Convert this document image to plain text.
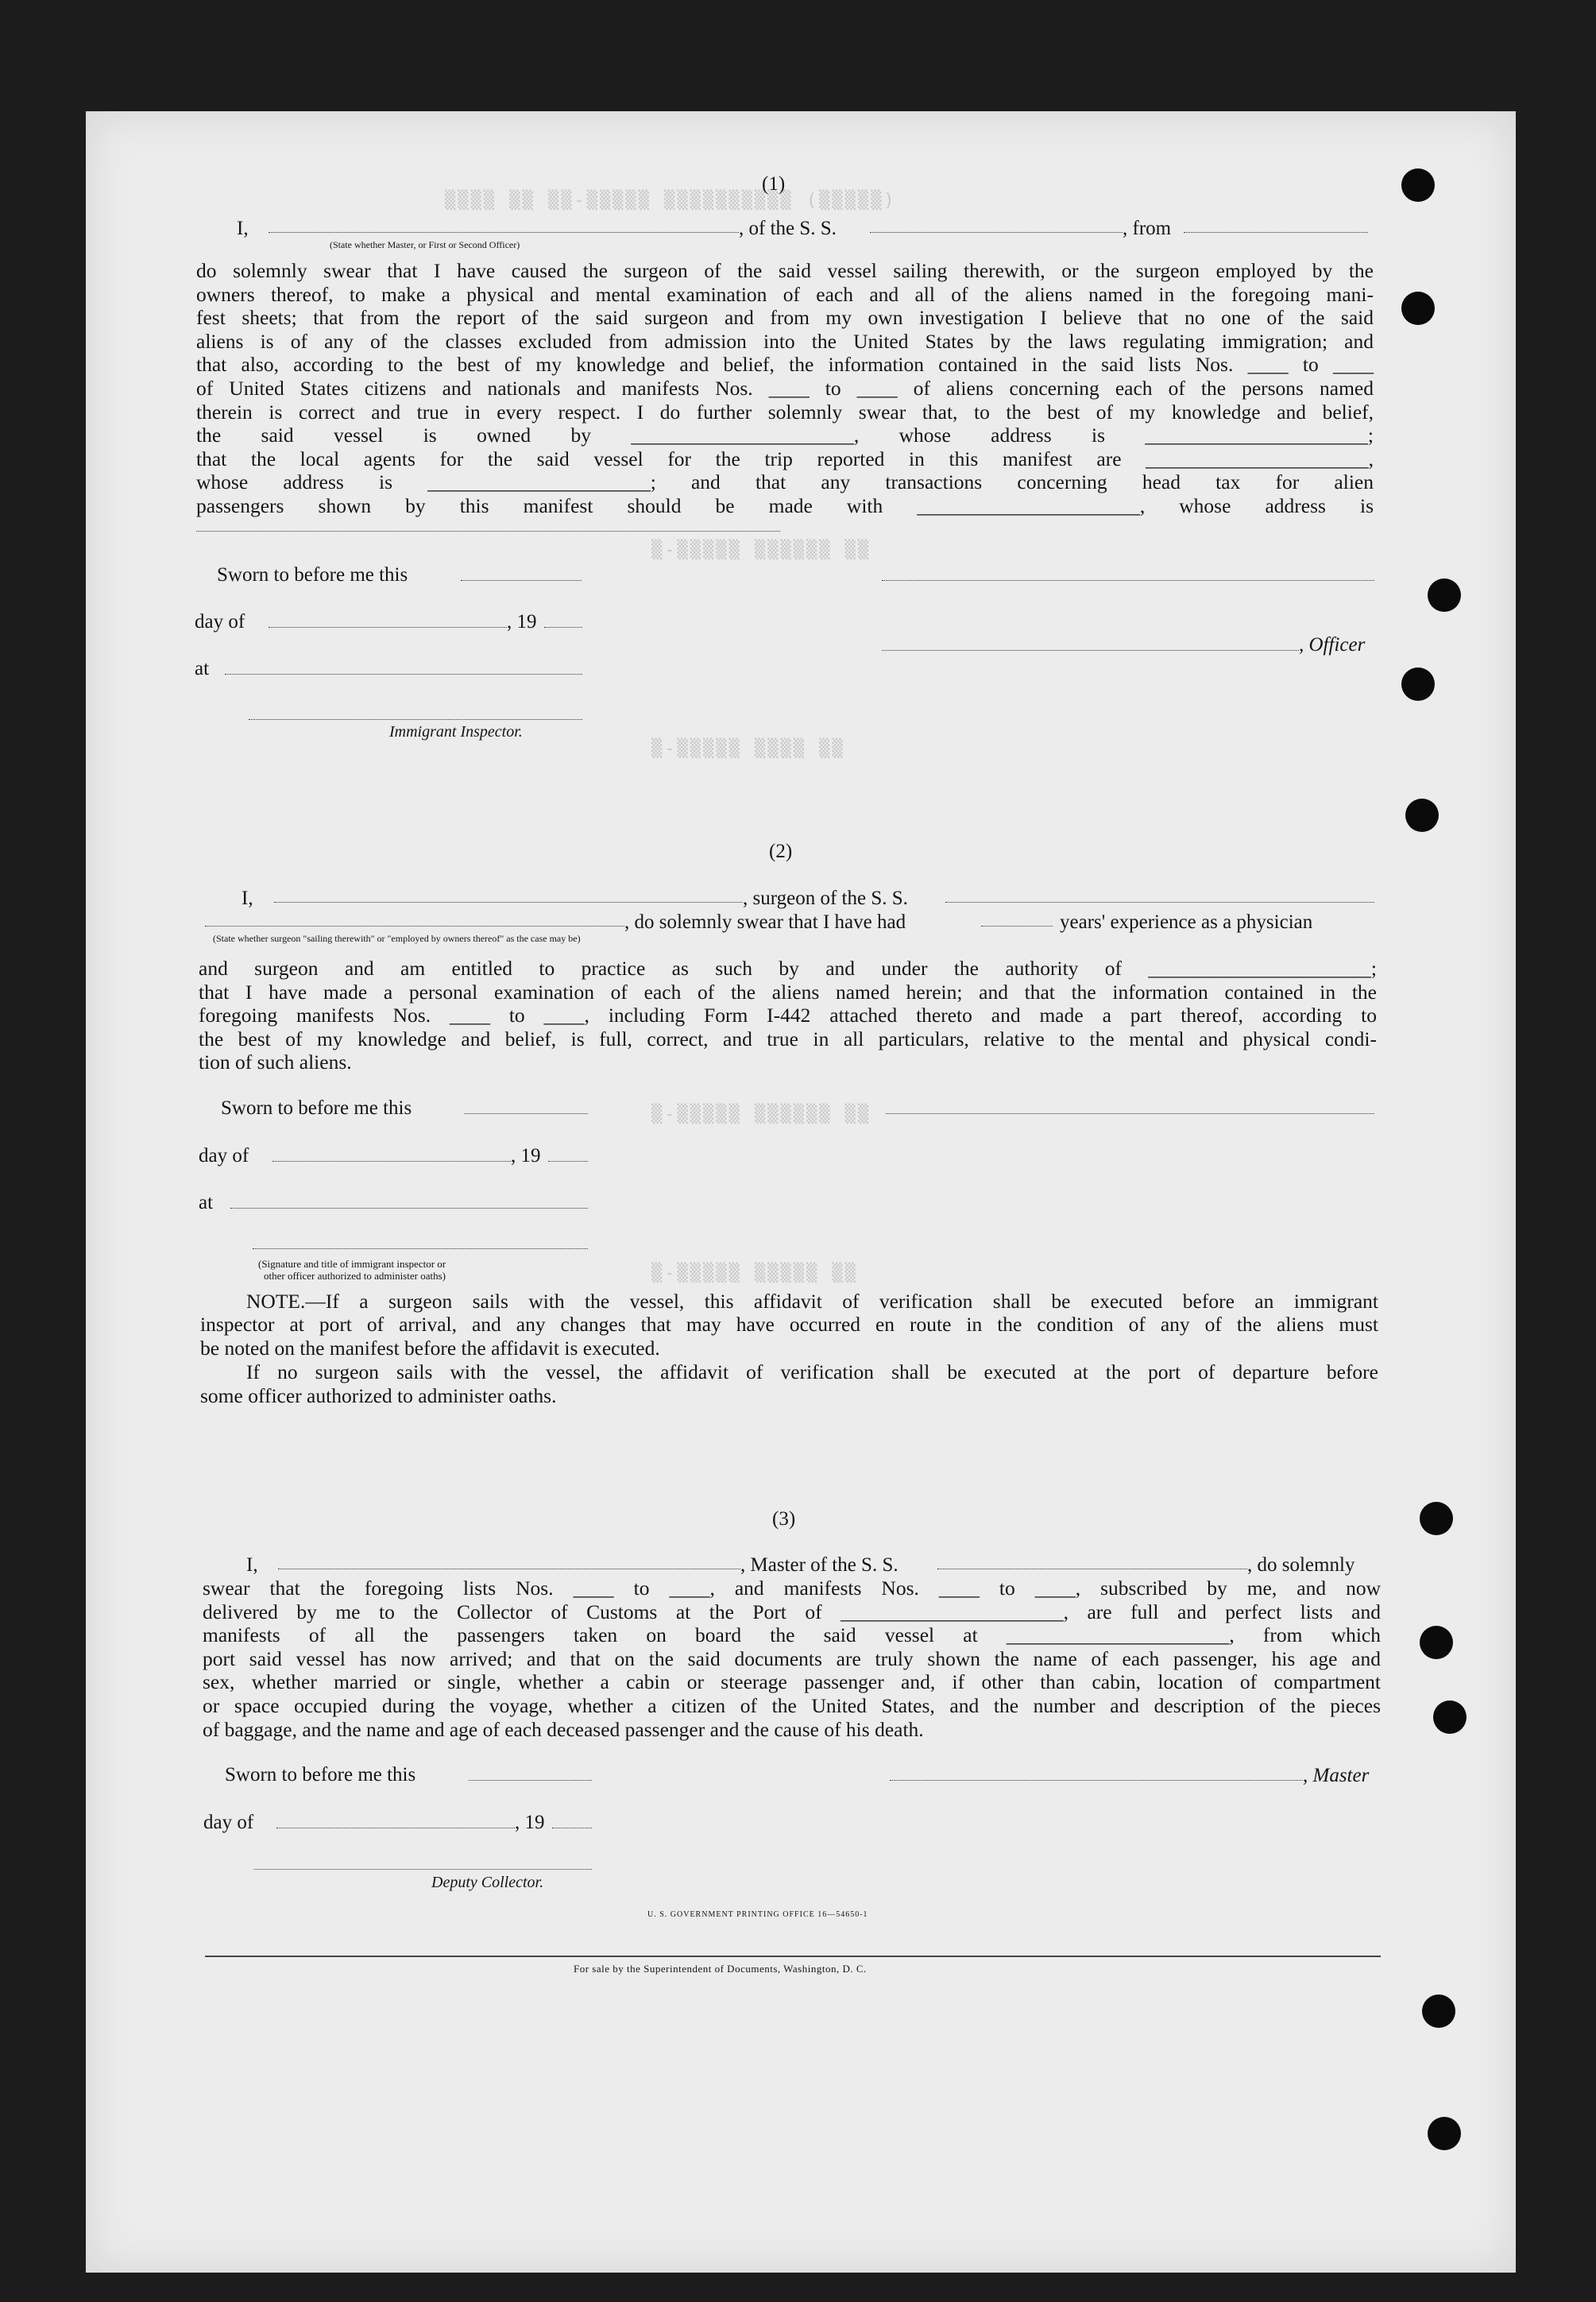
▒▒▒▒ ▒▒ ▒▒-▒▒▒▒▒ ▒▒▒▒▒▒▒▒▒▒ (▒▒▒▒▒)
▒-▒▒▒▒▒ ▒▒▒▒▒▒ ▒▒
▒-▒▒▒▒▒ ▒▒▒▒ ▒▒
▒-▒▒▒▒▒ ▒▒▒▒▒▒ ▒▒
▒-▒▒▒▒▒ ▒▒▒▒▒ ▒▒
(1)
I,
(State whether Master, or First or Second Officer)
, of the S. S.	, from
do solemnly swear that I have caused the surgeon of the said vessel sailing therewith, or the surgeon employed by the
owners thereof, to make a physical and mental examination of each and all of the aliens named in the foregoing mani-
fest sheets; that from the report of the said surgeon and from my own investigation I believe that no one of the said
aliens is of any of the classes excluded from admission into the United States by the laws regulating immigration; and
that also, according to the best of my knowledge and belief, the information contained in the said lists Nos. ____ to ____
of United States citizens and nationals and manifests Nos. ____ to ____ of aliens concerning each of the persons named
therein is correct and true in every respect. I do further solemnly swear that, to the best of my knowledge and belief,
the said vessel is owned by ______________________, whose address is ______________________;
that the local agents for the said vessel for the trip reported in this manifest are ______________________,
whose address is ______________________; and that any transactions concerning head tax for alien
passengers shown by this manifest should be made with ______________________, whose address is
Sworn to before me this
day of	, 19
, Officer
at
Immigrant Inspector.
(2)
I,	, surgeon of the S. S.
, do solemnly swear that I have had	years' experience as a physician
(State whether surgeon "sailing therewith" or "employed by owners thereof" as the case may be)
and surgeon and am entitled to practice as such by and under the authority of ______________________;
that I have made a personal examination of each of the aliens named herein; and that the information contained in the
foregoing manifests Nos. ____ to ____, including Form I-442 attached thereto and made a part thereof, according to
the best of my knowledge and belief, is full, correct, and true in all particulars, relative to the mental and physical condi-
tion of such aliens.
Sworn to before me this
day of	, 19
at
(Signature and title of immigrant inspector or
other officer authorized to administer oaths)
NOTE.—If a surgeon sails with the vessel, this affidavit of verification shall be executed before an immigrant
inspector at port of arrival, and any changes that may have occurred en route in the condition of any of the aliens must
be noted on the manifest before the affidavit is executed.
If no surgeon sails with the vessel, the affidavit of verification shall be executed at the port of departure before
some officer authorized to administer oaths.
(3)
I,	, Master of the S. S.	, do solemnly
swear that the foregoing lists Nos. ____ to ____, and manifests Nos. ____ to ____, subscribed by me, and now
delivered by me to the Collector of Customs at the Port of ______________________, are full and perfect lists and
manifests of all the passengers taken on board the said vessel at ______________________, from which
port said vessel has now arrived; and that on the said documents are truly shown the name of each passenger, his age and
sex, whether married or single, whether a cabin or steerage passenger and, if other than cabin, location of compartment
or space occupied during the voyage, whether a citizen of the United States, and the number and description of the pieces
of baggage, and the name and age of each deceased passenger and the cause of his death.
Sworn to before me this	, Master
day of	, 19
Deputy Collector.
U. S. GOVERNMENT PRINTING OFFICE 16—54650-1
For sale by the Superintendent of Documents, Washington, D. C.
